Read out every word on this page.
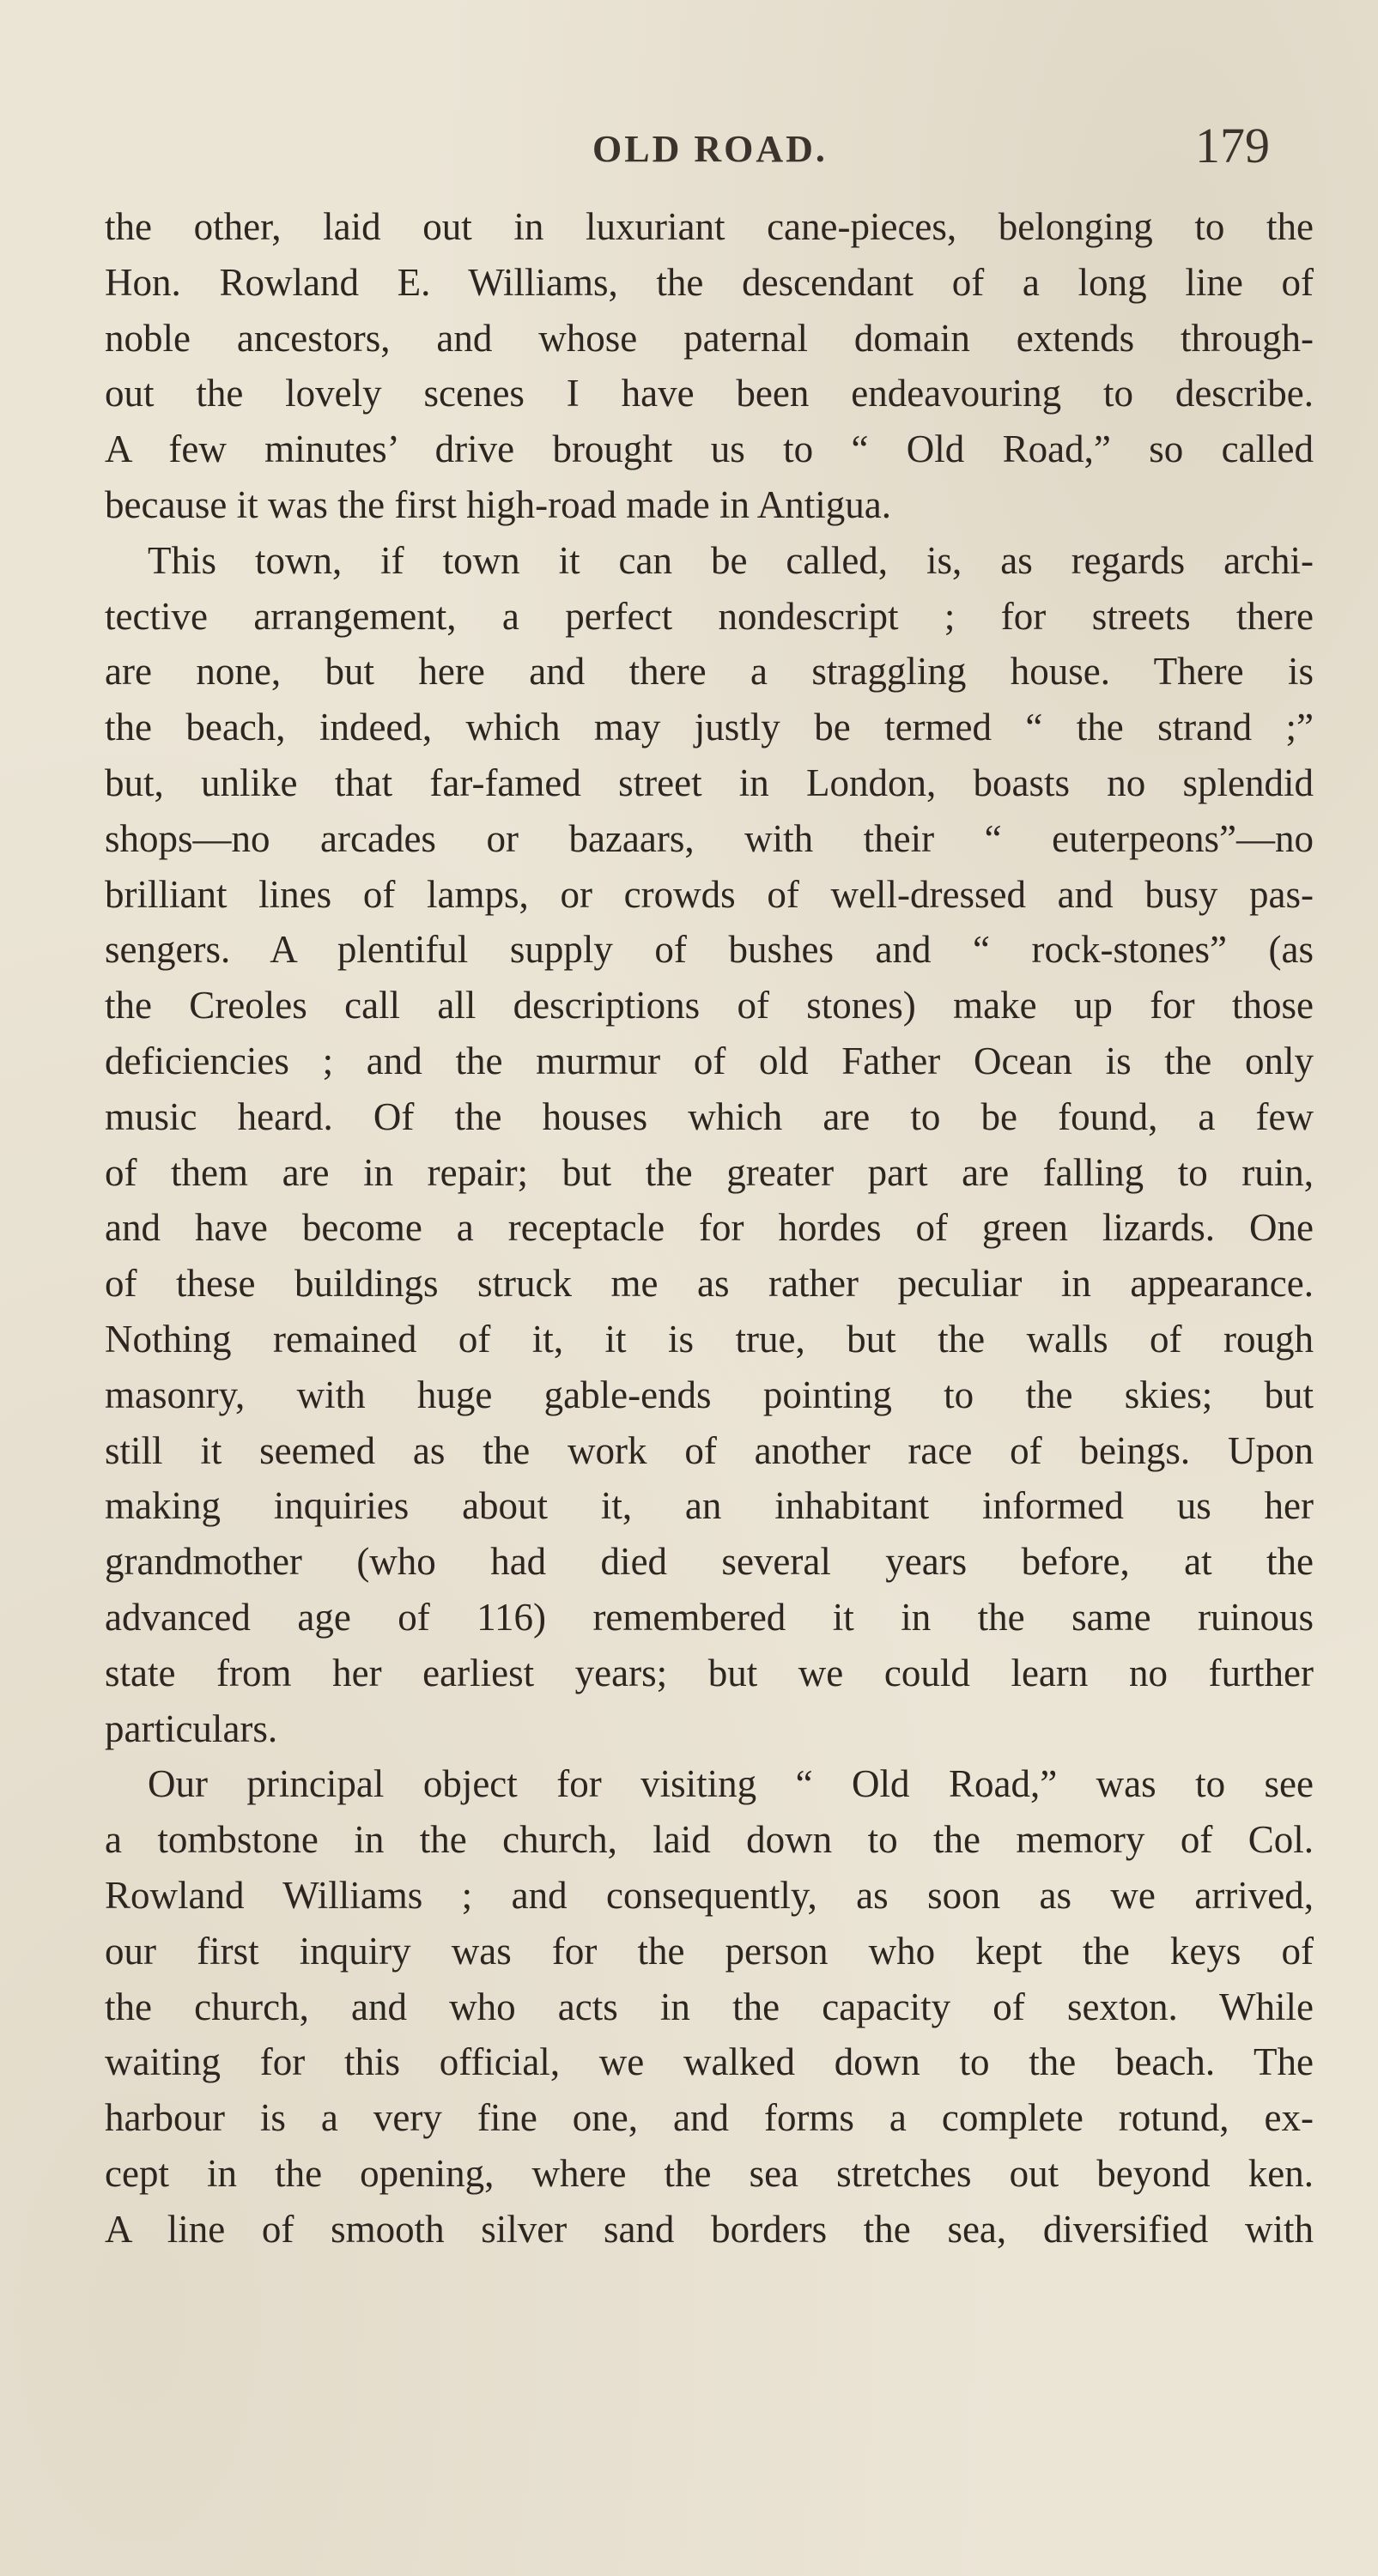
OLD ROAD.	179
the other, laid out in luxuriant cane-pieces, belonging to the
Hon. Rowland E. Williams, the descendant of a long line of
noble ancestors, and whose paternal domain extends through-
out the lovely scenes I have been endeavouring to describe.
A few minutes’ drive brought us to “ Old Road,” so called
because it was the first high-road made in Antigua.
This town, if town it can be called, is, as regards archi-
tective arrangement, a perfect nondescript ; for streets there
are none, but here and there a straggling house. There is
the beach, indeed, which may justly be termed “ the strand ;”
but, unlike that far-famed street in London, boasts no splendid
shops—no arcades or bazaars, with their “ euterpeons”—no
brilliant lines of lamps, or crowds of well-dressed and busy pas-
sengers. A plentiful supply of bushes and “ rock-stones” (as
the Creoles call all descriptions of stones) make up for those
deficiencies ; and the murmur of old Father Ocean is the only
music heard. Of the houses which are to be found, a few
of them are in repair; but the greater part are falling to ruin,
and have become a receptacle for hordes of green lizards. One
of these buildings struck me as rather peculiar in appearance.
Nothing remained of it, it is true, but the walls of rough
masonry, with huge gable-ends pointing to the skies; but
still it seemed as the work of another race of beings. Upon
making inquiries about it, an inhabitant informed us her
grandmother (who had died several years before, at the
advanced age of 116) remembered it in the same ruinous
state from her earliest years; but we could learn no further
particulars.
Our principal object for visiting “ Old Road,” was to see
a tombstone in the church, laid down to the memory of Col.
Rowland Williams ; and consequently, as soon as we arrived,
our first inquiry was for the person who kept the keys of
the church, and who acts in the capacity of sexton. While
waiting for this official, we walked down to the beach. The
harbour is a very fine one, and forms a complete rotund, ex-
cept in the opening, where the sea stretches out beyond ken.
A line of smooth silver sand borders the sea, diversified with
